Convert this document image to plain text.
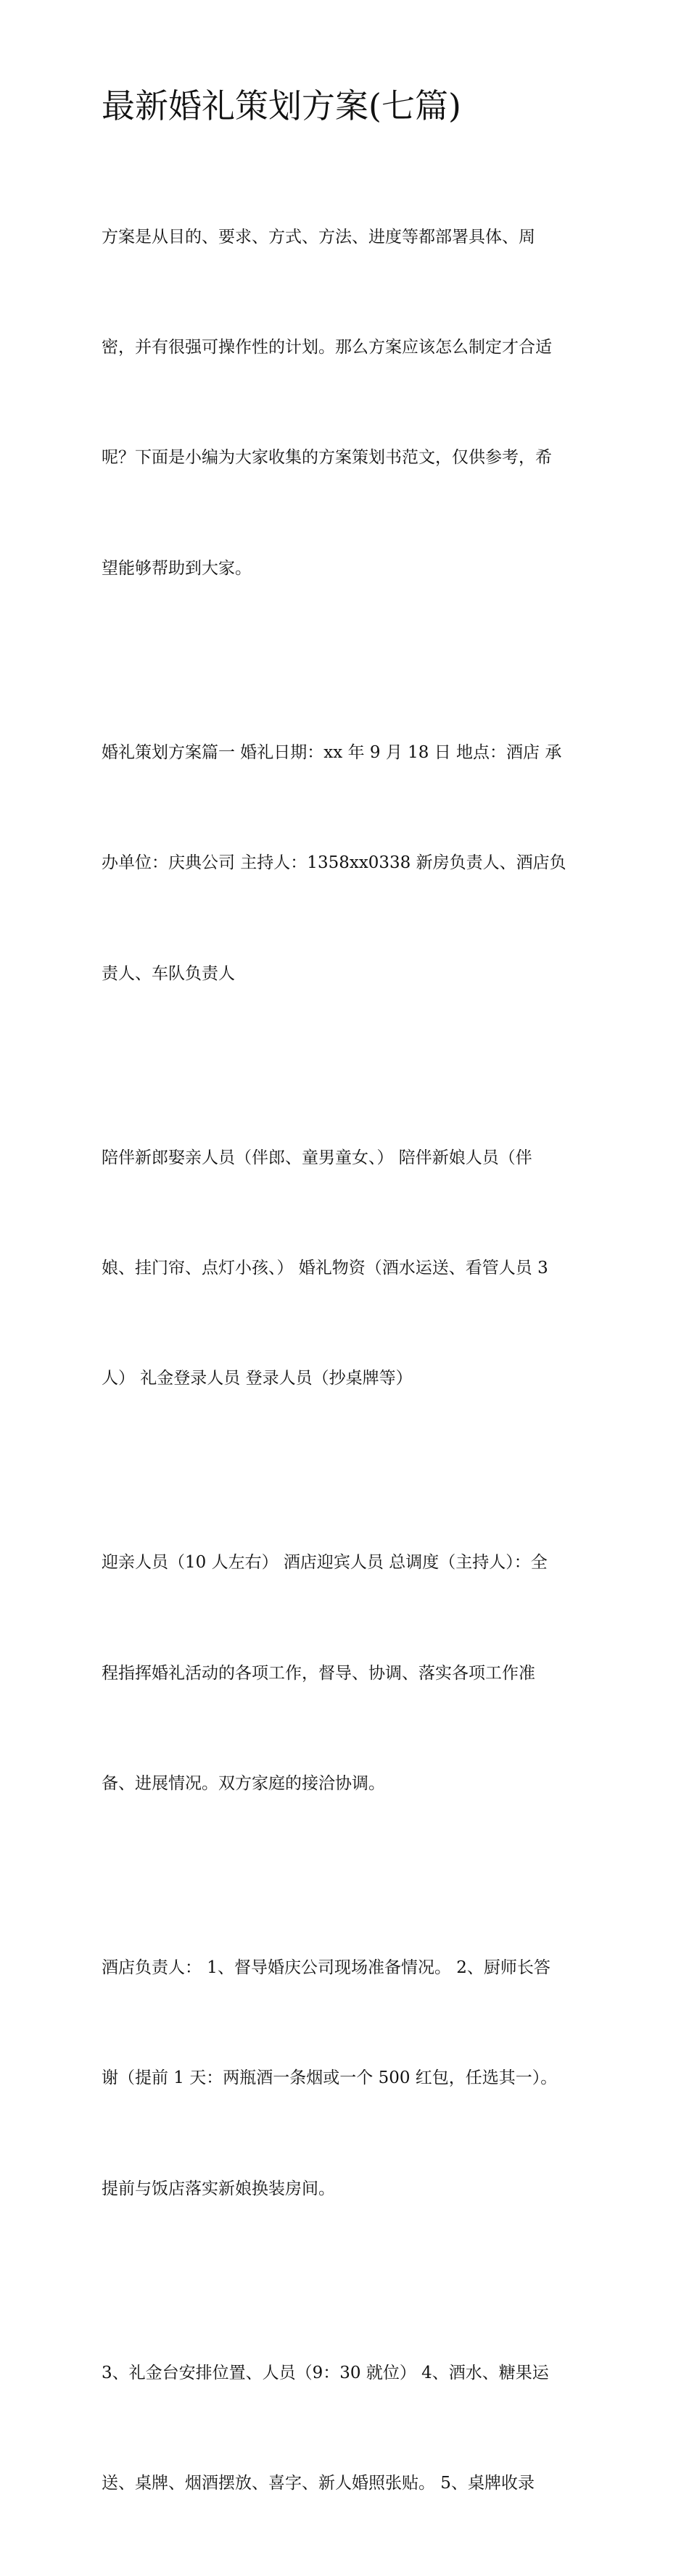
最新婚礼策划方案(七篇)

方案是从目的、要求、方式、方法、进度等都部署具体、周

密，并有很强可操作性的计划。那么方案应该怎么制定才合适

呢？下面是小编为大家收集的方案策划书范文，仅供参考，希

望能够帮助到大家。

婚礼策划方案篇一 婚礼日期：xx 年 9 月 18 日 地点：酒店 承

办单位：庆典公司 主持人：1358xx0338 新房负责人、酒店负

责人、车队负责人

陪伴新郎娶亲人员（伴郎、童男童女、） 陪伴新娘人员（伴

娘、挂门帘、点灯小孩、） 婚礼物资（酒水运送、看管人员 3

人） 礼金登录人员 登录人员（抄桌牌等）

迎亲人员（10 人左右） 酒店迎宾人员 总调度（主持人）：全

程指挥婚礼活动的各项工作，督导、协调、落实各项工作准

备、进展情况。双方家庭的接洽协调。

酒店负责人： 1、督导婚庆公司现场准备情况。 2、厨师长答

谢（提前 1 天：两瓶酒一条烟或一个 500 红包，任选其一）。

提前与饭店落实新娘换装房间。

3、礼金台安排位置、人员（9：30 就位） 4、酒水、糖果运

送、桌牌、烟酒摆放、喜字、新人婚照张贴。 5、桌牌收录
